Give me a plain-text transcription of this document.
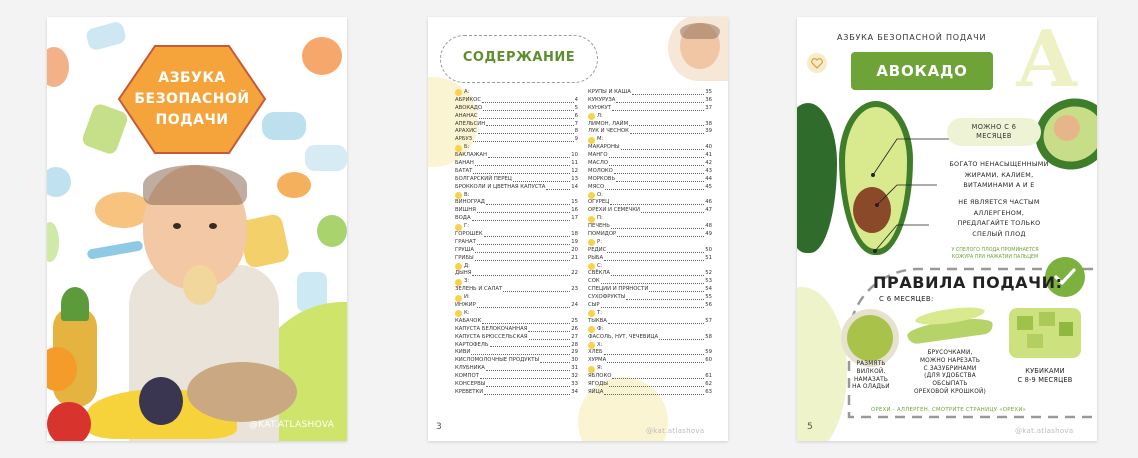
АЗБУКА
БЕЗОПАСНОЙ
ПОДАЧИ
@KAT.ATLASHOVA
СОДЕРЖАНИЕ
А:
АБРИКОС	4
АВОКАДО	5
АНАНАС	6
АПЕЛЬСИН	7
АРАХИС	8
АРБУЗ	9
Б:
БАКЛАЖАН	10
БАНАН	11
БАТАТ	12
БОЛГАРСКИЙ ПЕРЕЦ	13
БРОККОЛИ И ЦВЕТНАЯ КАПУСТА	14
В:
ВИНОГРАД	15
ВИШНЯ	16
ВОДА	17
Г:
ГОРОШЕК	18
ГРАНАТ	19
ГРУША	20
ГРИБЫ	21
Д:
ДЫНЯ	22
З:
ЗЕЛЕНЬ И САЛАТ	23
И:
ИНЖИР	24
К:
КАБАЧОК	25
КАПУСТА БЕЛОКОЧАННАЯ	26
КАПУСТА БРЮССЕЛЬСКАЯ	27
КАРТОФЕЛЬ	28
КИВИ	29
КИСЛОМОЛОЧНЫЕ ПРОДУКТЫ	30
КЛУБНИКА	31
КОМПОТ	32
КОНСЕРВЫ	33
КРЕВЕТКИ	34
КРУПЫ И КАША	35
КУКУРУЗА	36
КУНЖУТ	37
Л:
ЛИМОН, ЛАЙМ	38
ЛУК И ЧЕСНОК	39
М:
МАКАРОНЫ	40
МАНГО	41
МАСЛО	42
МОЛОКО	43
МОРКОВЬ	44
МЯСО	45
О:
ОГУРЕЦ	46
ОРЕХИ И СЕМЕЧКИ	47
П:
ПЕЧЕНЬ	48
ПОМИДОР	49
Р:
РЕДИС	50
РЫБА	51
С:
СВЁКЛА	52
СОК	53
СПЕЦИИ И ПРЯНОСТИ	54
СУХОФРУКТЫ	55
СЫР	56
Т:
ТЫКВА	57
Ф:
ФАСОЛЬ, НУТ, ЧЕЧЕВИЦА	58
Х:
ХЛЕБ	59
ХУРМА	60
Я:
ЯБЛОКО	61
ЯГОДЫ	62
ЯЙЦА	63
3	@kat.atlashova
А
АЗБУКА БЕЗОПАСНОЙ ПОДАЧИ
АВОКАДО
МОЖНО С 6
МЕСЯЦЕВ
БОГАТО НЕНАСЫЩЕННЫМИ
ЖИРАМИ, КАЛИЕМ,
ВИТАМИНАМИ А И Е
НЕ ЯВЛЯЕТСЯ ЧАСТЫМ
АЛЛЕРГЕНОМ,
ПРЕДЛАГАЙТЕ ТОЛЬКО
СПЕЛЫЙ ПЛОД
У СПЕЛОГО ПЛОДА ПРОМИНАЕТСЯ
КОЖУРА ПРИ НАЖАТИИ ПАЛЬЦЕМ
ПРАВИЛА ПОДАЧИ:
С 6 МЕСЯЦЕВ:
РАЗМЯТЬ
ВИЛКОЙ,
НАМАЗАТЬ
НА ОЛАДЬИ
БРУСОЧКАМИ,
МОЖНО НАРЕЗАТЬ
С ЗАЗУБРИНАМИ
(ДЛЯ УДОБСТВА
ОБСЫПАТЬ
ОРЕХОВОЙ КРОШКОЙ)
КУБИКАМИ
С 8-9 МЕСЯЦЕВ
ОРЕХИ - АЛЛЕРГЕН, СМОТРИТЕ СТРАНИЦУ «ОРЕХИ»
5	@kat.atlashova
